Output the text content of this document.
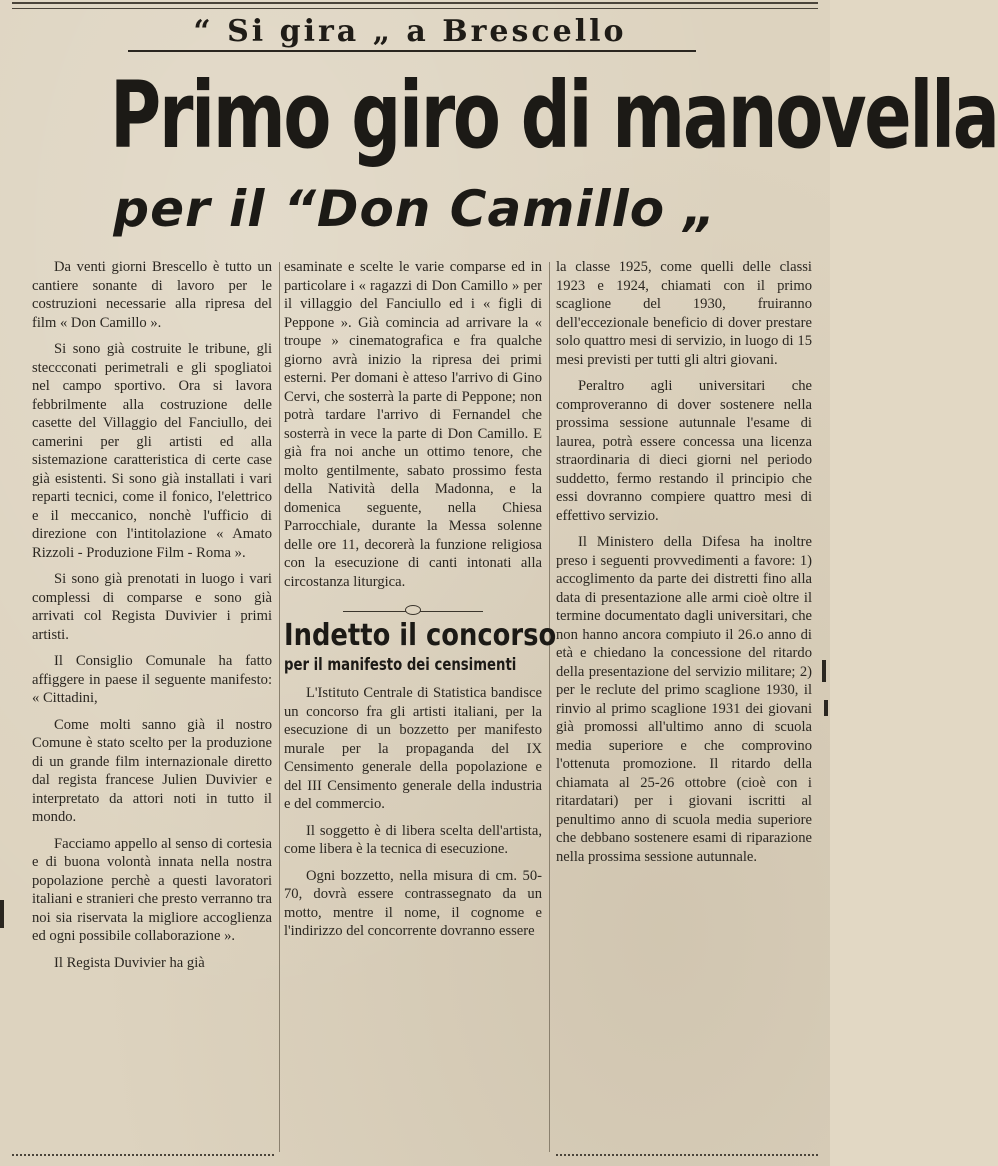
“ Si gira „ a Brescello
Primo giro di manovella
per il “Don Camillo „

Da venti giorni Brescello è tutto un cantiere sonante di lavoro per le costruzioni necessarie alla ripresa del film « Don Camillo ».

Si sono già costruite le tribune, gli steccconati perimetrali e gli spogliatoi nel campo sportivo. Ora si lavora febbrilmente alla costruzione delle casette del Villaggio del Fanciullo, dei camerini per gli artisti ed alla sistemazione caratteristica di certe case già esistenti. Si sono già installati i vari reparti tecnici, come il fonico, l'elettrico e il meccanico, nonchè l'ufficio di direzione con l'intitolazione « Amato Rizzoli - Produzione Film - Roma ».

Si sono già prenotati in luogo i vari complessi di comparse e sono già arrivati col Regista Duvivier i primi artisti.

Il Consiglio Comunale ha fatto affiggere in paese il seguente manifesto: « Cittadini,

Come molti sanno già il nostro Comune è stato scelto per la produzione di un grande film internazionale diretto dal regista francese Julien Duvivier e interpretato da attori noti in tutto il mondo.

Facciamo appello al senso di cortesia e di buona volontà innata nella nostra popolazione perchè a questi lavoratori italiani e stranieri che presto verranno tra noi sia riservata la migliore accoglienza ed ogni possibile collaborazione ».

Il Regista Duvivier ha già

esaminate e scelte le varie comparse ed in particolare i « ragazzi di Don Camillo » per il villaggio del Fanciullo ed i « figli di Peppone ». Già comincia ad arrivare la « troupe » cinematografica e fra qualche giorno avrà inizio la ripresa dei primi esterni. Per domani è atteso l'arrivo di Gino Cervi, che sosterrà la parte di Peppone; non potrà tardare l'arrivo di Fernandel che sosterrà in vece la parte di Don Camillo. E già fra noi anche un ottimo tenore, che molto gentilmente, sabato prossimo festa della Natività della Madonna, e la domenica seguente, nella Chiesa Parrocchiale, durante la Messa solenne delle ore 11, decorerà la funzione religiosa con la esecuzione di canti intonati alla circostanza liturgica.

Indetto il concorso
per il manifesto dei censimenti

L'Istituto Centrale di Statistica bandisce un concorso fra gli artisti italiani, per la esecuzione di un bozzetto per manifesto murale per la propaganda del IX Censimento generale della popolazione e del III Censimento generale della industria e del commercio.

Il soggetto è di libera scelta dell'artista, come libera è la tecnica di esecuzione.

Ogni bozzetto, nella misura di cm. 50-70, dovrà essere contrassegnato da un motto, mentre il nome, il cognome e l'indirizzo del concorrente dovranno essere

la classe 1925, come quelli delle classi 1923 e 1924, chiamati con il primo scaglione del 1930, fruiranno dell'eccezionale beneficio di dover prestare solo quattro mesi di servizio, in luogo di 15 mesi previsti per tutti gli altri giovani.

Peraltro agli universitari che comproveranno di dover sostenere nella prossima sessione autunnale l'esame di laurea, potrà essere concessa una licenza straordinaria di dieci giorni nel periodo suddetto, fermo restando il principio che essi dovranno compiere quattro mesi di effettivo servizio.

Il Ministero della Difesa ha inoltre preso i seguenti provvedimenti a favore: 1) accoglimento da parte dei distretti fino alla data di presentazione alle armi cioè oltre il termine documentato dagli universitari, che non hanno ancora compiuto il 26.o anno di età e chiedano la concessione del ritardo della presentazione del servizio militare; 2) per le reclute del primo scaglione 1930, il rinvio al primo scaglione 1931 dei giovani già promossi all'ultimo anno di scuola media superiore e che comprovino l'ottenuta promozione. Il ritardo della chiamata al 25-26 ottobre (cioè con i ritardatari) per i giovani iscritti al penultimo anno di scuola media superiore che debbano sostenere esami di riparazione nella prossima sessione autunnale.
